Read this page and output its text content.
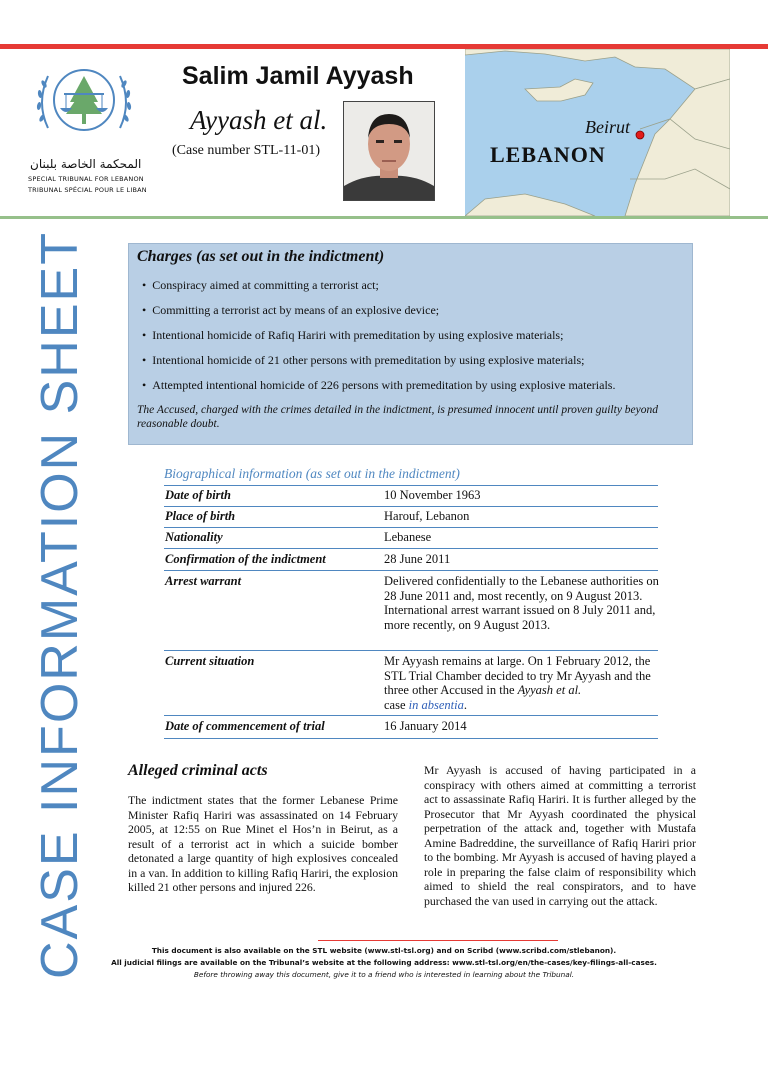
المحكمة الخاصة بلبنان
SPECIAL TRIBUNAL FOR LEBANON
TRIBUNAL SPÉCIAL POUR LE LIBAN
Salim Jamil Ayyash
Ayyash et al.
(Case number STL-11-01)
Beirut
LEBANON
CASE INFORMATION SHEET	Charges (as set out in the indictment)
• Conspiracy aimed at committing a terrorist act;
• Committing a terrorist act by means of an explosive device;
• Intentional homicide of Rafiq Hariri with premeditation by using explosive materials;
• Intentional homicide of 21 other persons with premeditation by using explosive materials;
• Attempted intentional homicide of 226 persons with premeditation by using explosive materials.
The Accused, charged with the crimes detailed in the indictment, is presumed innocent until proven guilty beyond reasonable doubt.
Biographical information (as set out in the indictment)
Date of birth	10 November 1963
Place of birth	Harouf, Lebanon
Nationality	Lebanese
Confirmation of the indictment	28 June 2011
Arrest warrant	Delivered confidentially to the Lebanese authorities on 28 June 2011 and, most recently, on 9 August 2013.
International arrest warrant issued on 8 July 2011 and, more recently, on 9 August 2013.
Current situation	Mr Ayyash remains at large. On 1 February 2012, the STL Trial Chamber decided to try Mr Ayyash and the three other Accused in the Ayyash et al.
case in absentia.
Date of commencement of trial	16 January 2014
Alleged criminal acts
The indictment states that the former Lebanese Prime Minister Rafiq Hariri was assassinated on 14 February 2005, at 12:55 on Rue Minet el Hos’n in Beirut, as a result of a terrorist act in which a suicide bomber detonated a large quantity of high explosives concealed in a van. In addition to killing Rafiq Hariri, the explosion killed 21 other persons and injured 226.
Mr Ayyash is accused of having participated in a conspiracy with others aimed at committing a terrorist act to assassinate Rafiq Hariri. It is further alleged by the Prosecutor that Mr Ayyash coordinated the physical perpetration of the attack and, together with Mustafa Amine Badreddine, the surveillance of Rafiq Hariri prior to the bombing. Mr Ayyash is accused of having played a role in preparing the false claim of responsibility which aimed to shield the real conspirators, and to have purchased the van used in carrying out the attack.
This document is also available on the STL website (www.stl-tsl.org) and on Scribd (www.scribd.com/stlebanon).
All judicial filings are available on the Tribunal’s website at the following address: www.stl-tsl.org/en/the-cases/key-filings-all-cases.
Before throwing away this document, give it to a friend who is interested in learning about the Tribunal.
